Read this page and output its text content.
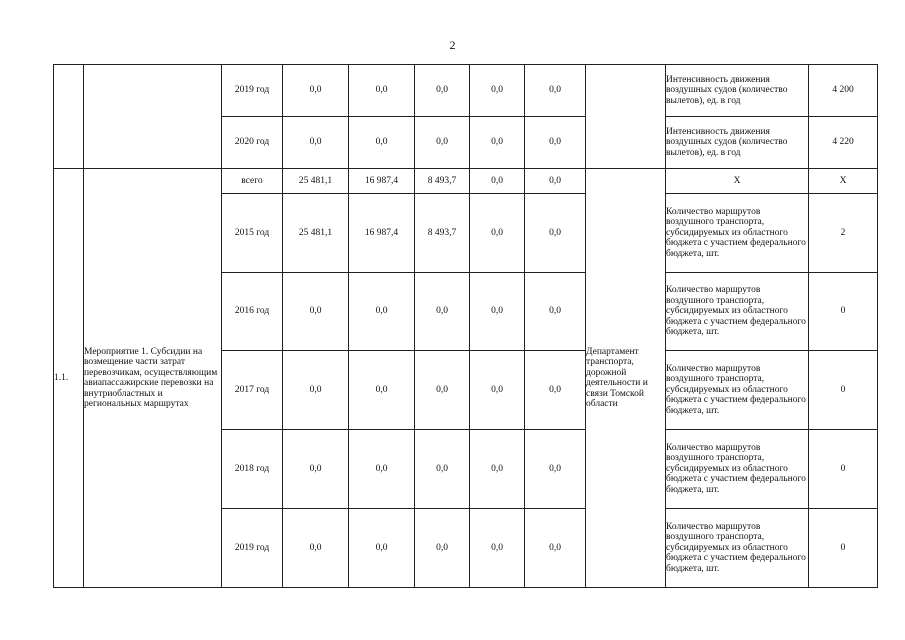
2
		2019 год	0,0	0,0	0,0	0,0	0,0		Интенсивность движения воздушных судов (количество вылетов), ед. в год	4 200
		2020 год	0,0	0,0	0,0	0,0	0,0		Интенсивность движения воздушных судов (количество вылетов), ед. в год	4 220
1.1.	Мероприятие 1. Субсидии на возмещение части затрат перевозчикам, осуществляющим авиапассажирские перевозки на внутриобластных и региональных маршрутах	всего	25 481,1	16 987,4	8 493,7	0,0	0,0	Департамент транспорта, дорожной деятельности и связи Томской области	Х	Х
		2015 год	25 481,1	16 987,4	8 493,7	0,0	0,0		Количество маршрутов воздушного транспорта, субсидируемых из областного бюджета с участием федерального бюджета, шт.	2
		2016 год	0,0	0,0	0,0	0,0	0,0		Количество маршрутов воздушного транспорта, субсидируемых из областного бюджета с участием федерального бюджета, шт.	0
		2017 год	0,0	0,0	0,0	0,0	0,0		Количество маршрутов воздушного транспорта, субсидируемых из областного бюджета с участием федерального бюджета, шт.	0
		2018 год	0,0	0,0	0,0	0,0	0,0		Количество маршрутов воздушного транспорта, субсидируемых из областного бюджета с участием федерального бюджета, шт.	0
		2019 год	0,0	0,0	0,0	0,0	0,0		Количество маршрутов воздушного транспорта, субсидируемых из областного бюджета с участием федерального бюджета, шт.	0
